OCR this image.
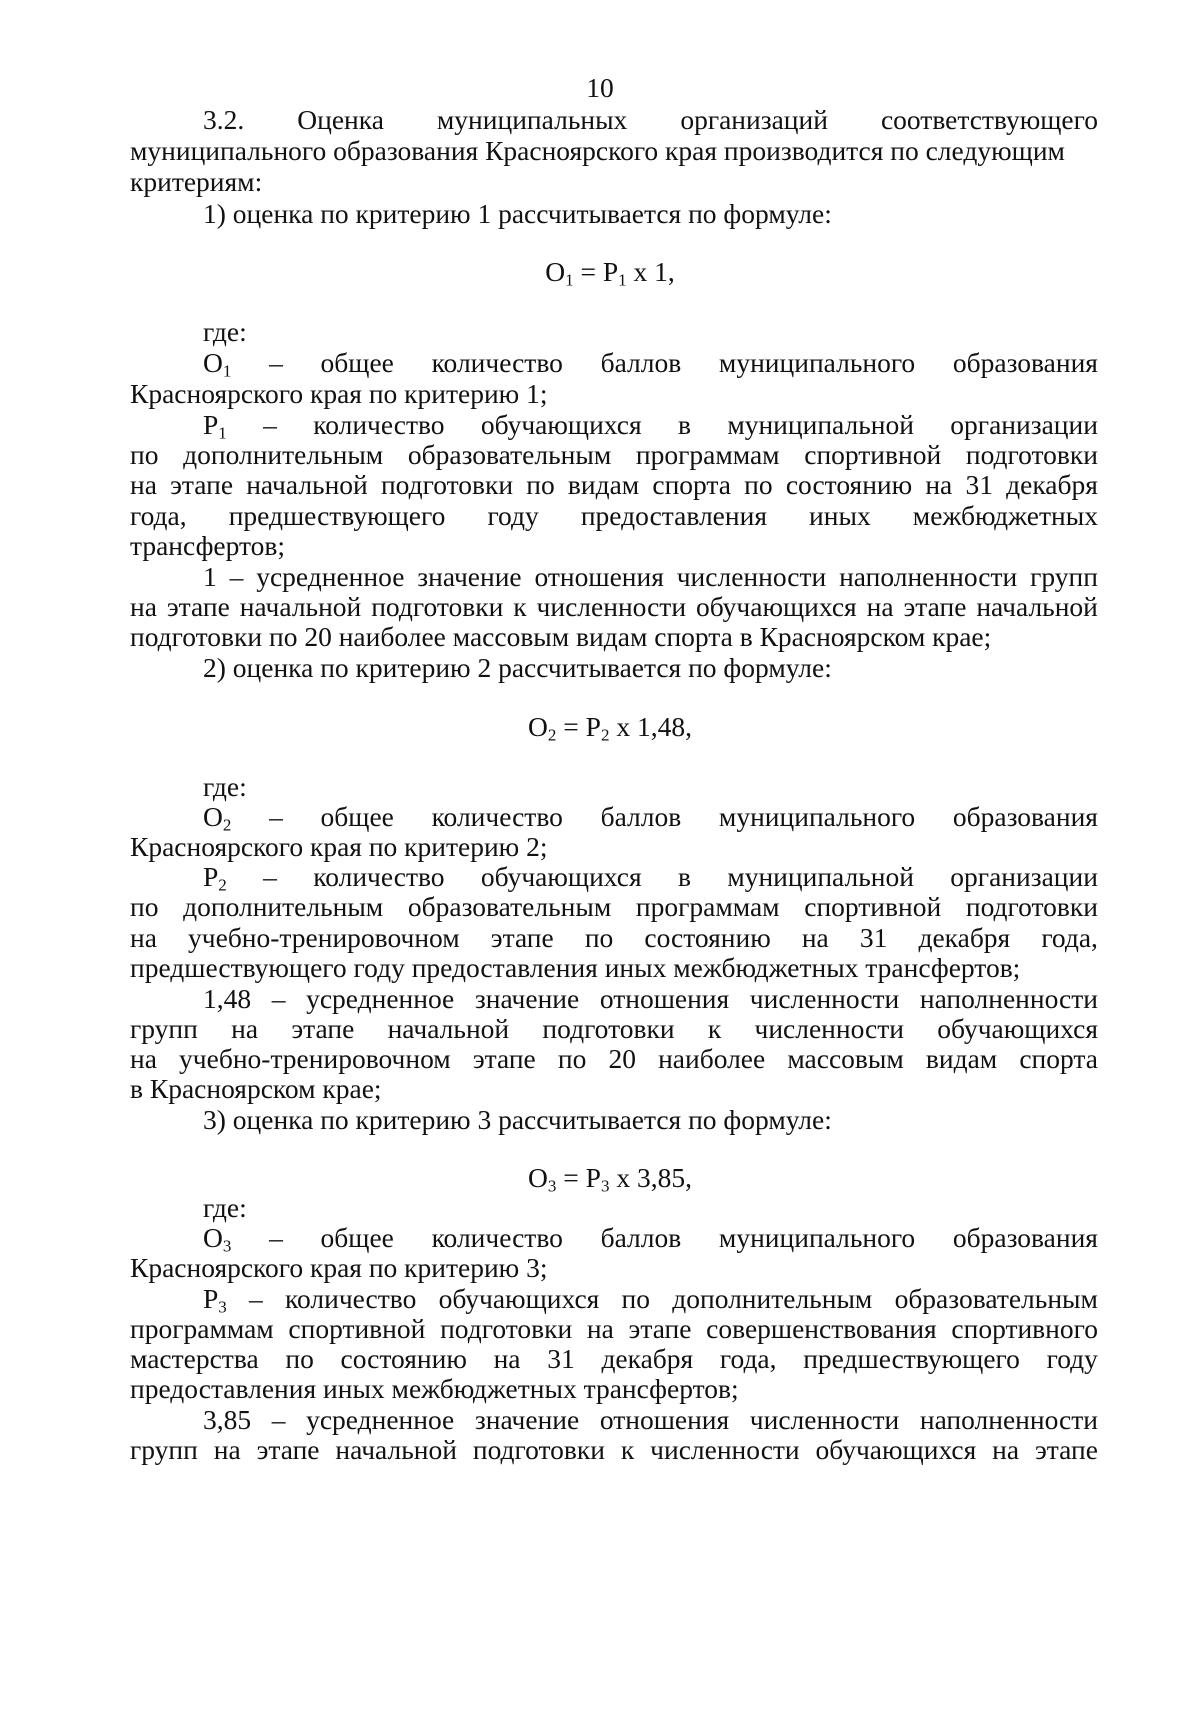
10
3.2. Оценка муниципальных организаций соответствующего
муниципального образования Красноярского края производится по следующим
критериям:
1) оценка по критерию 1 рассчитывается по формуле:
$О_1 = Р_1$ х 1,
где:
$О_1$ – общее количество баллов муниципального образования
Красноярского края по критерию 1;
$Р_1$ – количество обучающихся в муниципальной организации
по дополнительным образовательным программам спортивной подготовки
на этапе начальной подготовки по видам спорта по состоянию на 31 декабря
года, предшествующего году предоставления иных межбюджетных
трансфертов;
1 – усредненное значение отношения численности наполненности групп
на этапе начальной подготовки к численности обучающихся на этапе начальной
подготовки по 20 наиболее массовым видам спорта в Красноярском крае;
2) оценка по критерию 2 рассчитывается по формуле:
$О_2 = Р_2$ х 1,48,
где:
$О_2$ – общее количество баллов муниципального образования
Красноярского края по критерию 2;
$Р_2$ – количество обучающихся в муниципальной организации
по дополнительным образовательным программам спортивной подготовки
на учебно-тренировочном этапе по состоянию на 31 декабря года,
предшествующего году предоставления иных межбюджетных трансфертов;
1,48 – усредненное значение отношения численности наполненности
групп на этапе начальной подготовки к численности обучающихся
на учебно-тренировочном этапе по 20 наиболее массовым видам спорта
в Красноярском крае;
3) оценка по критерию 3 рассчитывается по формуле:
$О_3 = Р_3$ х 3,85,
где:
$О_3$ – общее количество баллов муниципального образования
Красноярского края по критерию 3;
$Р_3$ – количество обучающихся по дополнительным образовательным
программам спортивной подготовки на этапе совершенствования спортивного
мастерства по состоянию на 31 декабря года, предшествующего году
предоставления иных межбюджетных трансфертов;
3,85 – усредненное значение отношения численности наполненности
групп на этапе начальной подготовки к численности обучающихся на этапе
